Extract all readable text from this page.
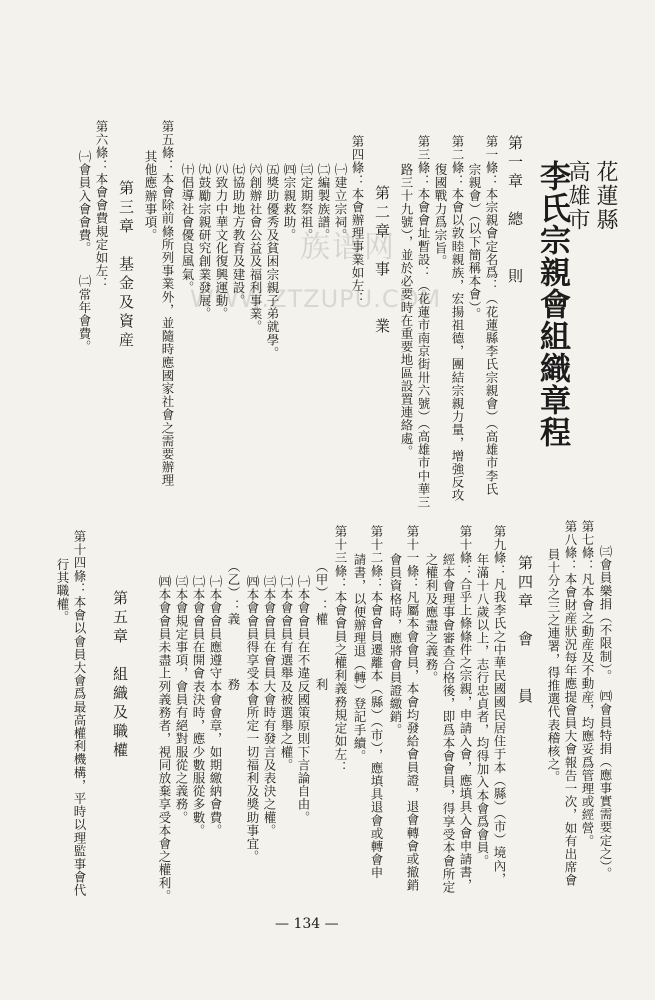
花蓮縣
高雄市
李氏宗親會組織章程
第一章　總　　則
第一條：本宗親會定名爲：（花蓮縣李氏宗親會）（高雄市李氏
宗親會）（以下簡稱本會）。
第二條：本會以敦睦親族，宏揚祖德，團結宗親力量，增強反攻
復國戰力爲宗旨。
第三條：本會會址暫設：（花蓮市南京街卅六號）（高雄市中華三
路三十九號），並於必要時在重要地區設置連絡處。
第二章　事　　業
第四條：本會辦理事業如左：
㈠建立宗祠。
㈡編製族譜。
㈢定期祭祖。
㈣宗親救助。
㈤獎助優秀及貧困宗親子弟就學。
㈥創辦社會公益及福利事業。
㈦協助地方教育及建設。
㈧致力中華文化復興運動。
㈨鼓勵宗親研究創業發展。
㈩倡導社會優良風氣。
第五條：本會除前條所列事業外，並隨時應國家社會之需要辦理
其他應辦事項。
第三章　基金及資産
第六條：本會會費規定如左：
㈠會員入會會費。　　㈡常年會費。
㈢會員樂捐（不限制）。　㈣會員特捐（應事實需要定之）。
第七條：凡本會之動産及不動産，均應妥爲管理或經營。
第八條：本會財産狀況每年應提會員大會報告一次，如有出席會
員十分之三之連署，得推選代表稽核之。
第四章　會　　員
第九條：凡我李氏之中華民國國民居住于本（縣）（市）境內，
年滿十八歲以上，志行忠貞者，均得加入本會爲會員。
第十條：合乎上條條件之宗親，申請入會，應填具入會申請書，
經本會理事會審查合格後，即爲本會會員，得享受本會所定
之權利及應盡之義務。
第十一條：凡屬本會會員，本會均發給會員證，退會轉會或撤銷
會員資格時，應將會員證繳銷。
第十二條：本會會員遷離本（縣）（市），應填具退會或轉會申
請書，以便辦理退（轉）登記手續。
第十三條：本會會員之權利義務規定如左：
（甲）：權　　　　利
㈠本會會員在不違反國策原則下言論自由。
㈡本會會員有選舉及被選舉之權。
㈢本會會員在會員大會時有發言及表決之權。
㈣本會會員得享受本會所定一切福利及獎助事宜。
（乙）：義　　　　務
㈠本會會員應遵守本會會章，如期繳納會費。
㈡本會會員在開會表決時，應少數服從多數。
㈢本會規定事項，會員有絕對服從之義務。
㈣本會會員未盡上列義務者，視同放棄享受本會之權利。
第五章　組織及職權
第十四條：本會以會員大會爲最高權利機構，平時以理監事會代
行其職權。
族谱网
WWW.ZTZUPU.COM
— 134 —
